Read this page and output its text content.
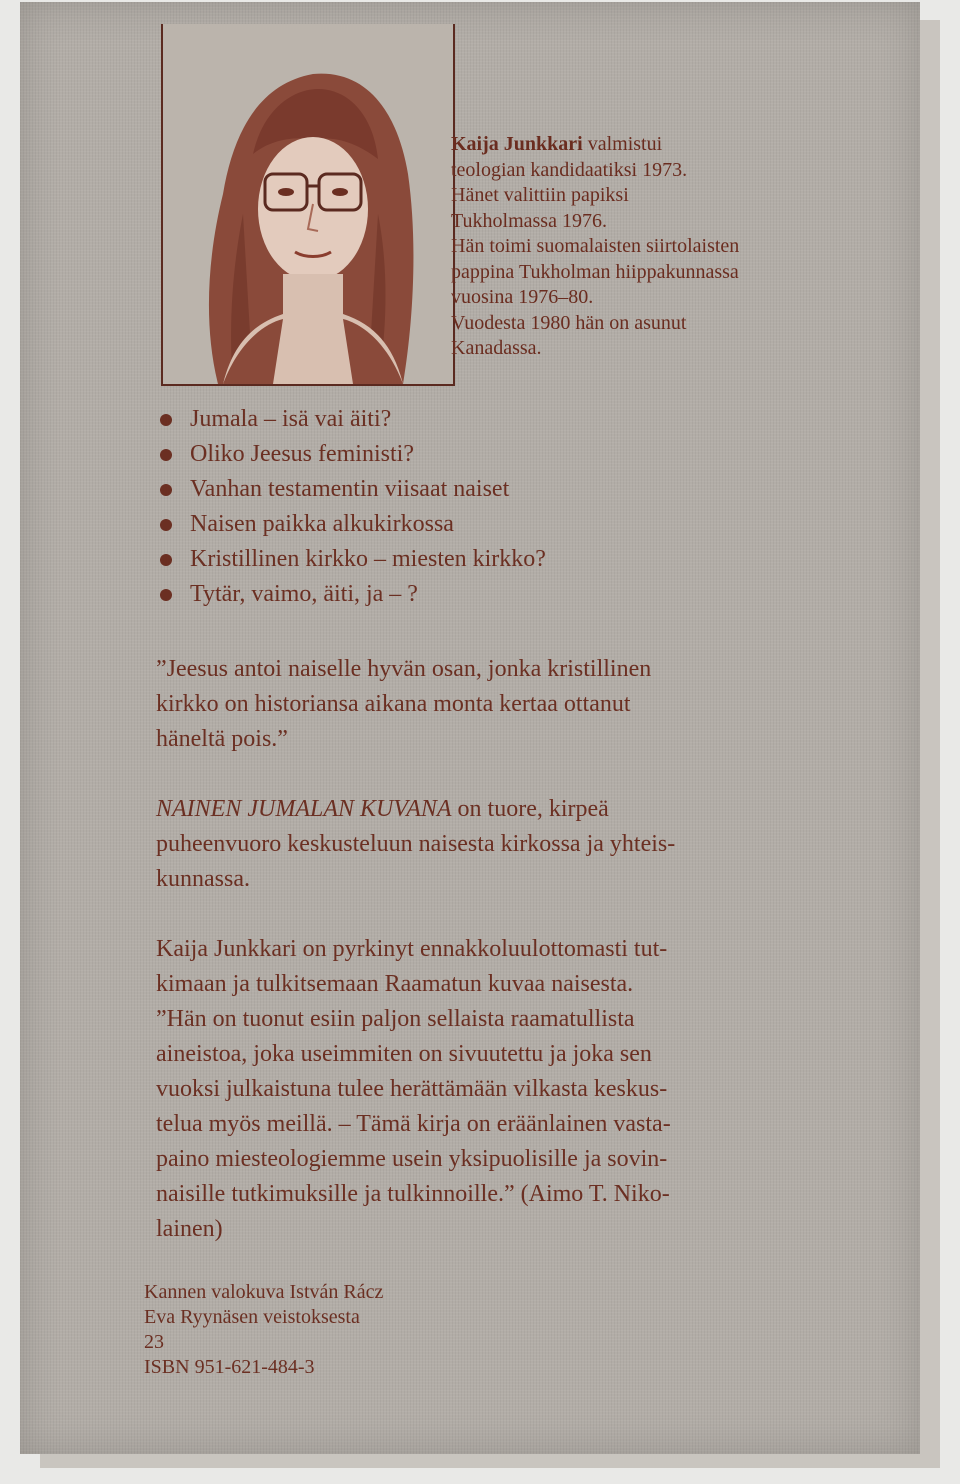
Kaija Junkkari valmistui
teologian kandidaatiksi 1973.
Hänet valittiin papiksi
Tukholmassa 1976.
Hän toimi suomalaisten siirtolaisten
pappina Tukholman hiippakunnassa
vuosina 1976–80.
Vuodesta 1980 hän on asunut
Kanadassa.
Jumala – isä vai äiti?
Oliko Jeesus feministi?
Vanhan testamentin viisaat naiset
Naisen paikka alkukirkossa
Kristillinen kirkko – miesten kirkko?
Tytär, vaimo, äiti, ja – ?

”Jeesus antoi naiselle hyvän osan, jonka kristillinen
kirkko on historiansa aikana monta kertaa ottanut
häneltä pois.”

NAINEN JUMALAN KUVANA on tuore, kirpeä
puheenvuoro keskusteluun naisesta kirkossa ja yhteis-
kunnassa.

Kaija Junkkari on pyrkinyt ennakkoluulottomasti tut-
kimaan ja tulkitsemaan Raamatun kuvaa naisesta.
”Hän on tuonut esiin paljon sellaista raamatullista
aineistoa, joka useimmiten on sivuutettu ja joka sen
vuoksi julkaistuna tulee herättämään vilkasta keskus-
telua myös meillä. – Tämä kirja on eräänlainen vasta-
paino miesteologiemme usein yksipuolisille ja sovin-
naisille tutkimuksille ja tulkinnoille.” (Aimo T. Niko-
lainen)

Kannen valokuva István Rácz
Eva Ryynäsen veistoksesta
23
ISBN 951-621-484-3
